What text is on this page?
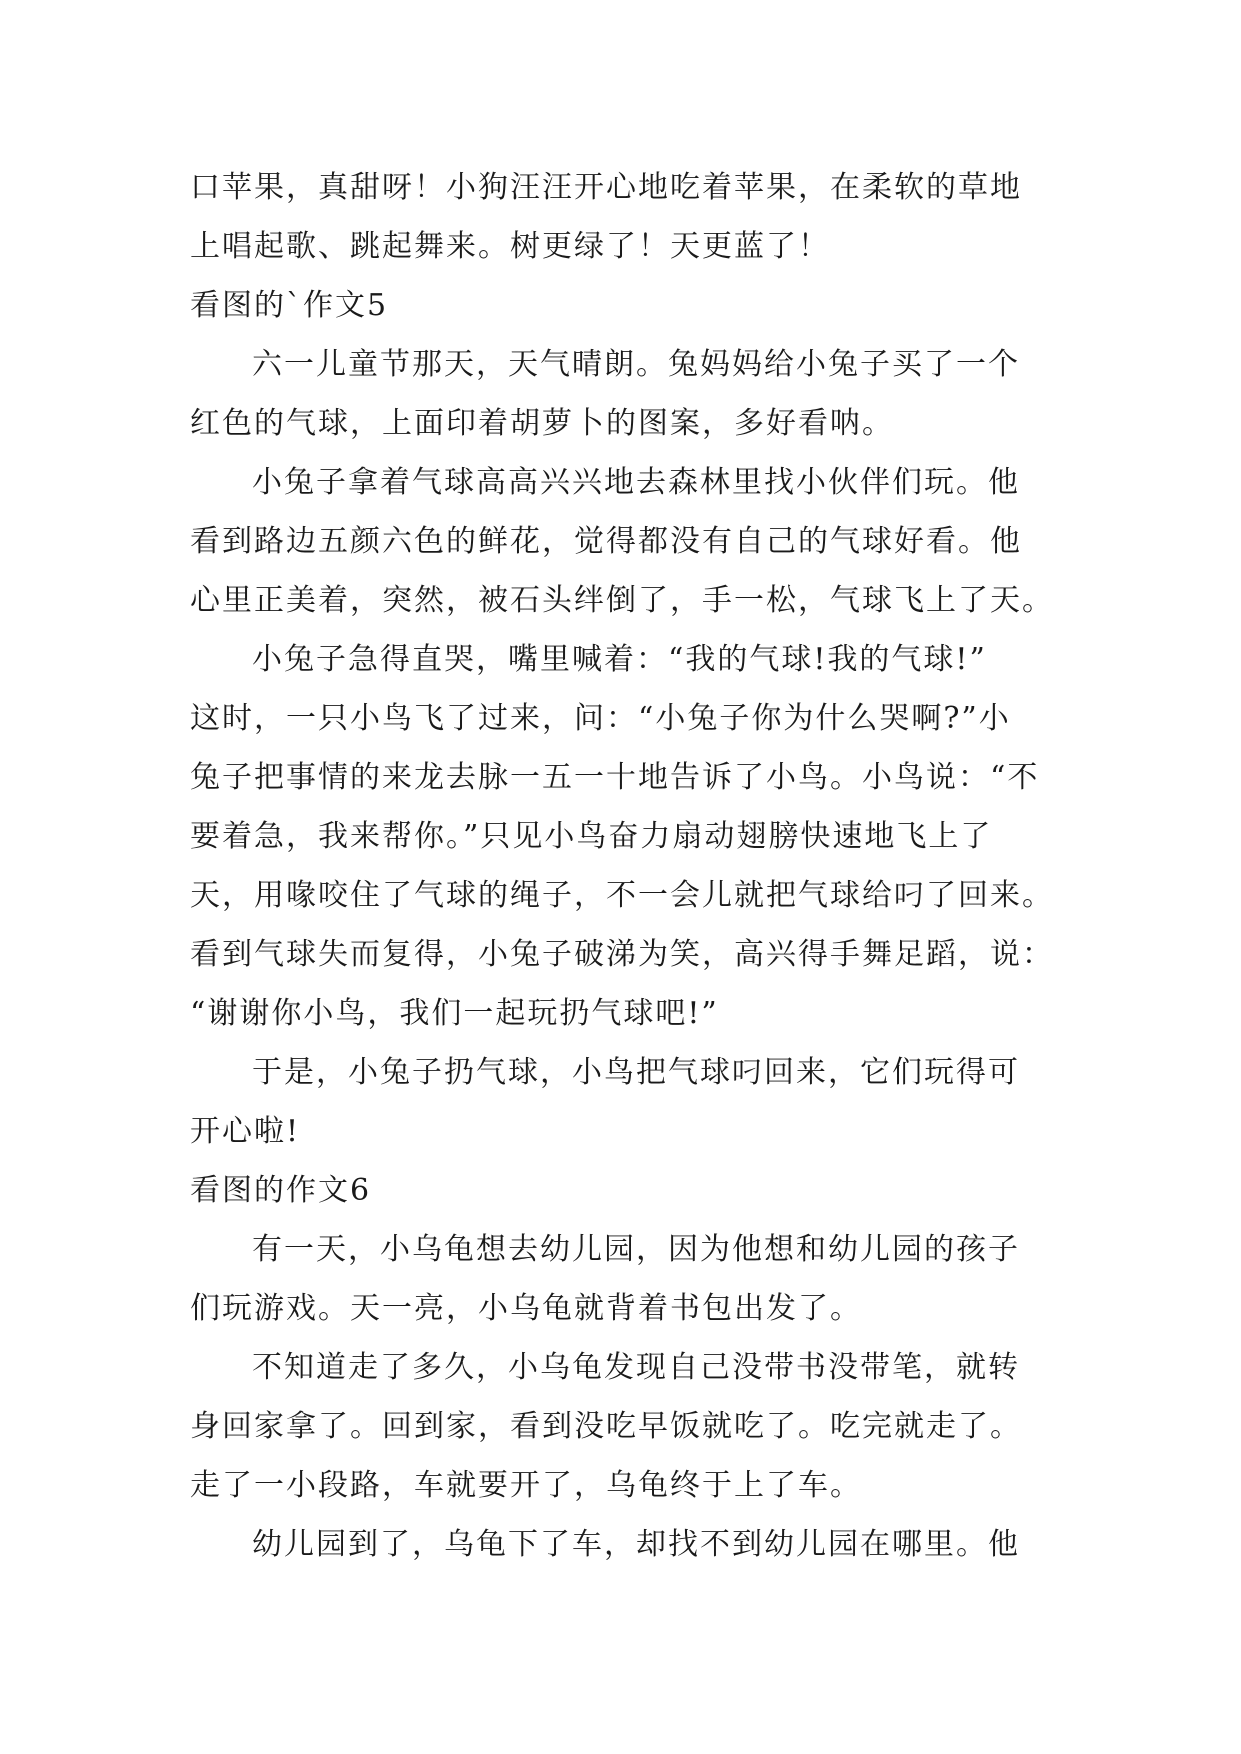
口苹果，真甜呀！小狗汪汪开心地吃着苹果，在柔软的草地
上唱起歌、跳起舞来。树更绿了！天更蓝了！
看图的`作文5
六一儿童节那天，天气晴朗。兔妈妈给小兔子买了一个
红色的气球，上面印着胡萝卜的图案，多好看呐。
小兔子拿着气球高高兴兴地去森林里找小伙伴们玩。他
看到路边五颜六色的鲜花，觉得都没有自己的气球好看。他
心里正美着，突然，被石头绊倒了，手一松，气球飞上了天。
小兔子急得直哭，嘴里喊着：“我的气球!我的气球!”
这时，一只小鸟飞了过来，问：“小兔子你为什么哭啊?”小
兔子把事情的来龙去脉一五一十地告诉了小鸟。小鸟说：“不
要着急，我来帮你。”只见小鸟奋力扇动翅膀快速地飞上了
天，用喙咬住了气球的绳子，不一会儿就把气球给叼了回来。
看到气球失而复得，小兔子破涕为笑，高兴得手舞足蹈，说：
“谢谢你小鸟，我们一起玩扔气球吧!”
于是，小兔子扔气球，小鸟把气球叼回来，它们玩得可
开心啦!
看图的作文6
有一天，小乌龟想去幼儿园，因为他想和幼儿园的孩子
们玩游戏。天一亮，小乌龟就背着书包出发了。
不知道走了多久，小乌龟发现自己没带书没带笔，就转
身回家拿了。回到家，看到没吃早饭就吃了。吃完就走了。
走了一小段路，车就要开了，乌龟终于上了车。
幼儿园到了，乌龟下了车，却找不到幼儿园在哪里。他
